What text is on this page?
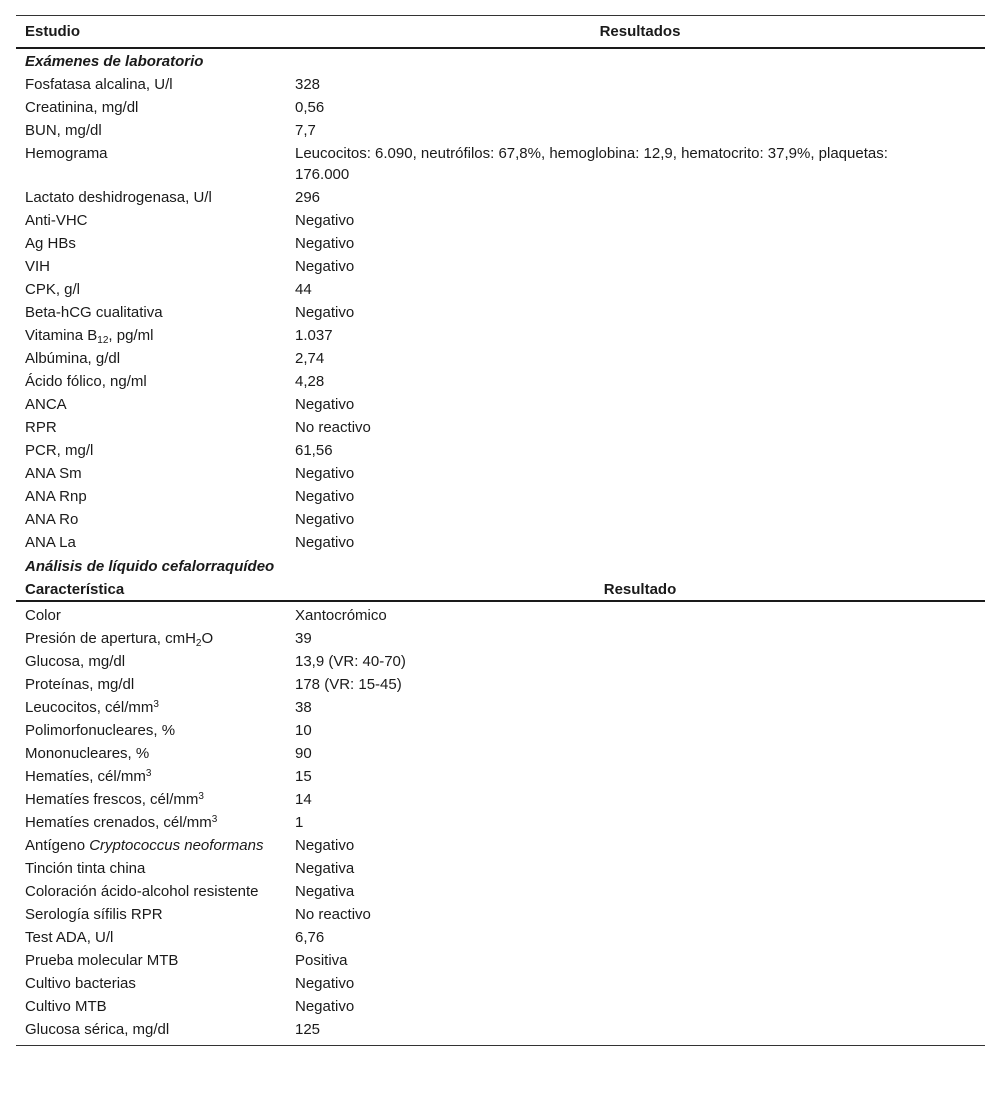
Estudio	Resultados
Exámenes de laboratorio
Fosfatasa alcalina, U/l	328
Creatinina, mg/dl	0,56
BUN, mg/dl	7,7
Hemograma	Leucocitos: 6.090, neutrófilos: 67,8%, hemoglobina: 12,9, hematocrito: 37,9%, plaquetas: 176.000
Lactato deshidrogenasa, U/l	296
Anti-VHC	Negativo
Ag HBs	Negativo
VIH	Negativo
CPK, g/l	44
Beta-hCG cualitativa	Negativo
Vitamina $B_{12}$, pg/ml	1.037
Albúmina, g/dl	2,74
Ácido fólico, ng/ml	4,28
ANCA	Negativo
RPR	No reactivo
PCR, mg/l	61,56
ANA Sm	Negativo
ANA Rnp	Negativo
ANA Ro	Negativo
ANA La	Negativo
Análisis de líquido cefalorraquídeo
Característica	Resultado
Color	Xantocrómico
Presión de apertura, cmH$_2$O	39
Glucosa, mg/dl	13,9 (VR: 40-70)
Proteínas, mg/dl	178 (VR: 15-45)
Leucocitos, cél/$mm^3$	38
Polimorfonucleares, %	10
Mononucleares, %	90
Hematíes, cél/$mm^3$	15
Hematíes frescos, cél/$mm^3$	14
Hematíes crenados, cél/$mm^3$	1
Antígeno Cryptococcus neoformans	Negativo
Tinción tinta china	Negativa
Coloración ácido-alcohol resistente	Negativa
Serología sífilis RPR	No reactivo
Test ADA, U/l	6,76
Prueba molecular MTB	Positiva
Cultivo bacterias	Negativo
Cultivo MTB	Negativo
Glucosa sérica, mg/dl	125
